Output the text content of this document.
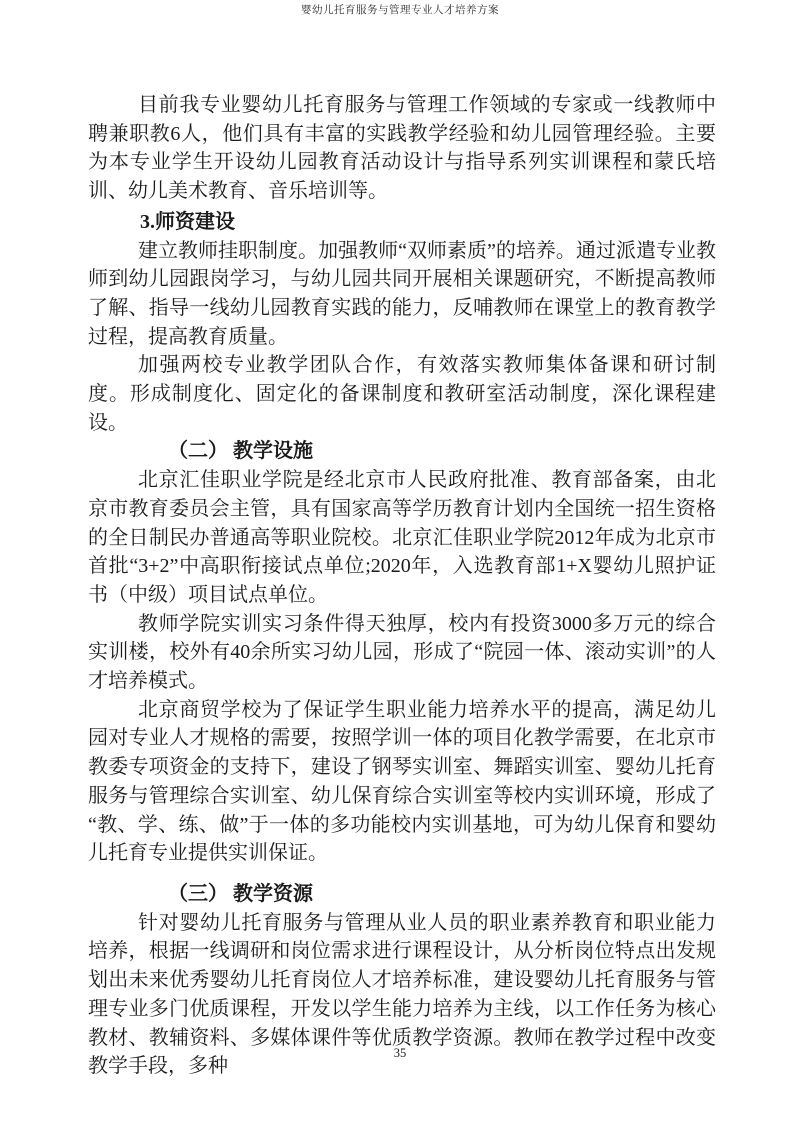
婴幼儿托育服务与管理专业人才培养方案

目前我专业婴幼儿托育服务与管理工作领域的专家或一线教师中聘兼职教6人，他们具有丰富的实践教学经验和幼儿园管理经验。主要为本专业学生开设幼儿园教育活动设计与指导系列实训课程和蒙氏培训、幼儿美术教育、音乐培训等。

3.师资建设

建立教师挂职制度。加强教师“双师素质”的培养。通过派遣专业教师到幼儿园跟岗学习，与幼儿园共同开展相关课题研究，不断提高教师了解、指导一线幼儿园教育实践的能力，反哺教师在课堂上的教育教学过程，提高教育质量。

加强两校专业教学团队合作，有效落实教师集体备课和研讨制度。形成制度化、固定化的备课制度和教研室活动制度，深化课程建设。

（二） 教学设施

北京汇佳职业学院是经北京市人民政府批准、教育部备案，由北京市教育委员会主管，具有国家高等学历教育计划内全国统一招生资格的全日制民办普通高等职业院校。北京汇佳职业学院2012年成为北京市首批“3+2”中高职衔接试点单位;2020年，入选教育部1+X婴幼儿照护证书（中级）项目试点单位。

教师学院实训实习条件得天独厚，校内有投资3000多万元的综合实训楼，校外有40余所实习幼儿园，形成了“院园一体、滚动实训”的人才培养模式。

北京商贸学校为了保证学生职业能力培养水平的提高，满足幼儿园对专业人才规格的需要，按照学训一体的项目化教学需要，在北京市教委专项资金的支持下，建设了钢琴实训室、舞蹈实训室、婴幼儿托育服务与管理综合实训室、幼儿保育综合实训室等校内实训环境，形成了“教、学、练、做”于一体的多功能校内实训基地，可为幼儿保育和婴幼儿托育专业提供实训保证。

（三） 教学资源

针对婴幼儿托育服务与管理从业人员的职业素养教育和职业能力培养，根据一线调研和岗位需求进行课程设计，从分析岗位特点出发规划出未来优秀婴幼儿托育岗位人才培养标准，建设婴幼儿托育服务与管理专业多门优质课程，开发以学生能力培养为主线，以工作任务为核心教材、教辅资料、多媒体课件等优质教学资源。教师在教学过程中改变教学手段，多种

35
